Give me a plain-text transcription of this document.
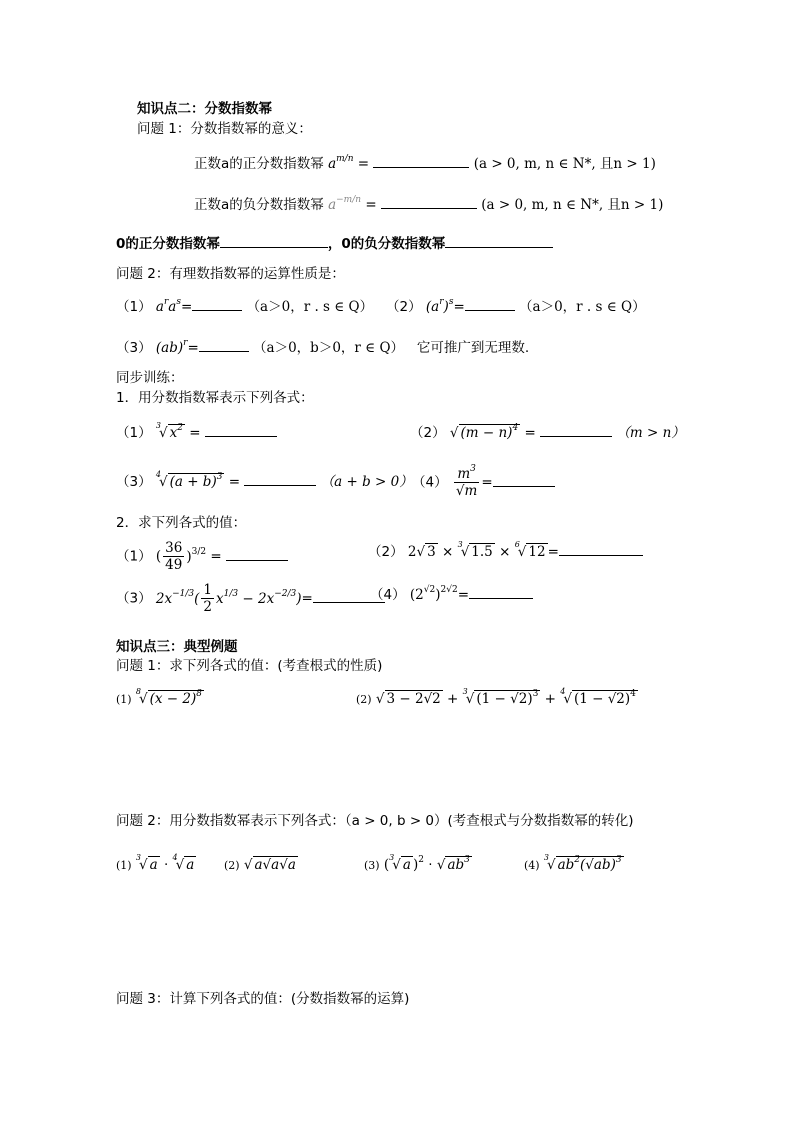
知识点二：分数指数幂
问题 1：分数指数幂的意义：
正数a的正分数指数幂 $a^{m/n}$ =	(a > 0, m, n ∈ N*, 且n > 1)
正数a的负分数指数幂 $a^{-m/n}$ =	(a > 0, m, n ∈ N*, 且n > 1)
0的正分数指数幂	，0的负分数指数幂
问题 2：有理数指数幂的运算性质是：
（1） $a^ra^s=$	（a＞0，r . s ∈ Q） （2） $(a^r)^s=$	（a＞0，r . s ∈ Q）
（3） (ab)$^r$=	（a＞0，b＞0，r ∈ Q） 它可推广到无理数.
同步训练：
1．用分数指数幂表示下列各式：
（1） $^3$√ $x^2$ =	（2） √ $(m - n)^4$ =	（m > n）
（3） $^4$√ $(a + b)^3$ =	（a + b > 0） $(4) \frac{m^3}{√m}$ =
2．求下列各式的值：
（1） ( $\frac{36}{49} )^{3/2}$ =	（2） 2√ 3 × $^3$√ 1.5 × $^6$√ 12 =
（3） $2x^{-1/3}( \frac{1}{2} x^{1/3} - 2x^{-2/3})=$	（4） $(2^{√2})^{2√2}=$
知识点三：典型例题
问题 1：求下列各式的值：(考查根式的性质)
(1) $^8$√ $(x - 2)^8$	(2) √ 3 − 2√2 + $^3$√ $(1 - √2)^3 + ^4√$ $(1 - √2)^4$
问题 2：用分数指数幂表示下列各式：（a > 0, b > 0）(考查根式与分数指数幂的转化)
(1) $^3$√ a · $^4$√ a	(2) √ a√a√a	(3) ($^3$√ a )$^2$ · √ $ab^3$	(4) $^3$√ $ab^2(√ab)^3$
问题 3：计算下列各式的值：(分数指数幂的运算)
